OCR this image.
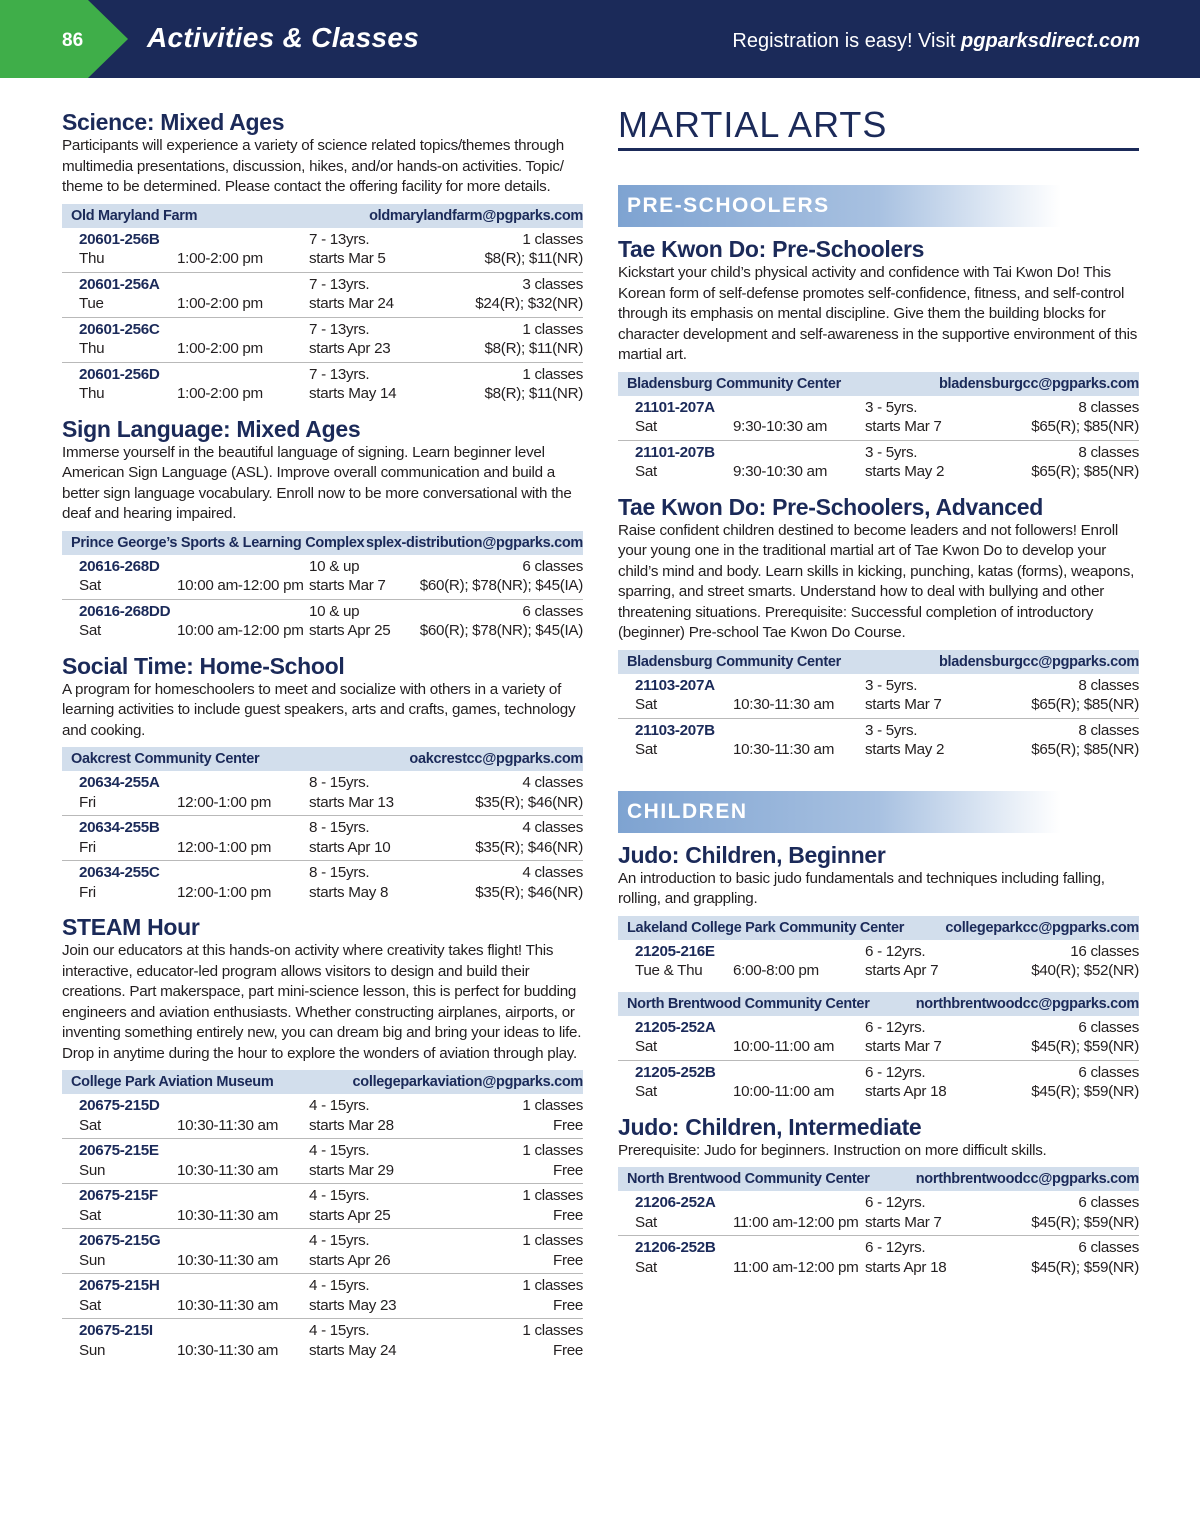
86 Activities & Classes	Registration is easy! Visit pgparksdirect.com
Science: Mixed Ages

Participants will experience a variety of science related topics/themes through multimedia presentations, discussion, hikes, and/or hands-on activities. Topic/ theme to be determined. Please contact the offering facility for more details.

Old Maryland Farm	oldmarylandfarm@pgparks.com
20601-256B	7 - 13yrs.	1 classes
Thu	1:00-2:00 pm	starts Mar 5	$8(R); $11(NR)
20601-256A	7 - 13yrs.	3 classes
Tue	1:00-2:00 pm	starts Mar 24	$24(R); $32(NR)
20601-256C	7 - 13yrs.	1 classes
Thu	1:00-2:00 pm	starts Apr 23	$8(R); $11(NR)
20601-256D	7 - 13yrs.	1 classes
Thu	1:00-2:00 pm	starts May 14	$8(R); $11(NR)
Sign Language: Mixed Ages

Immerse yourself in the beautiful language of signing. Learn beginner level American Sign Language (ASL). Improve overall communication and build a better sign language vocabulary. Enroll now to be more conversational with the deaf and hearing impaired.

Prince George’s Sports & Learning Complex splex-distribution@pgparks.com
20616-268D	10 & up	6 classes
Sat	10:00 am-12:00 pm starts Mar 7	$60(R); $78(NR); $45(IA)
20616-268DD	10 & up	6 classes
Sat	10:00 am-12:00 pm starts Apr 25	$60(R); $78(NR); $45(IA)
Social Time: Home-School

A program for homeschoolers to meet and socialize with others in a variety of learning activities to include guest speakers, arts and crafts, games, technology and cooking.

Oakcrest Community Center	oakcrestcc@pgparks.com
20634-255A	8 - 15yrs.	4 classes
Fri	12:00-1:00 pm	starts Mar 13	$35(R); $46(NR)
20634-255B	8 - 15yrs.	4 classes
Fri	12:00-1:00 pm	starts Apr 10	$35(R); $46(NR)
20634-255C	8 - 15yrs.	4 classes
Fri	12:00-1:00 pm	starts May 8	$35(R); $46(NR)
STEAM Hour

Join our educators at this hands-on activity where creativity takes flight! This interactive, educator-led program allows visitors to design and build their creations. Part makerspace, part mini-science lesson, this is perfect for budding engineers and aviation enthusiasts. Whether constructing airplanes, airports, or inventing something entirely new, you can dream big and bring your ideas to life. Drop in anytime during the hour to explore the wonders of aviation through play.

College Park Aviation Museum	collegeparkaviation@pgparks.com
20675-215D	4 - 15yrs.	1 classes
Sat	10:30-11:30 am	starts Mar 28	Free
20675-215E	4 - 15yrs.	1 classes
Sun	10:30-11:30 am	starts Mar 29	Free
20675-215F	4 - 15yrs.	1 classes
Sat	10:30-11:30 am	starts Apr 25	Free
20675-215G	4 - 15yrs.	1 classes
Sun	10:30-11:30 am	starts Apr 26	Free
20675-215H	4 - 15yrs.	1 classes
Sat	10:30-11:30 am	starts May 23	Free
20675-215I	4 - 15yrs.	1 classes
Sun	10:30-11:30 am	starts May 24	Free
MARTIAL ARTS
PRE-SCHOOLERS
Tae Kwon Do: Pre-Schoolers

Kickstart your child’s physical activity and confidence with Tai Kwon Do! This Korean form of self-defense promotes self-confidence, fitness, and self-control through its emphasis on mental discipline. Give them the building blocks for character development and self-awareness in the supportive environment of this martial art.

Bladensburg Community Center	bladensburgcc@pgparks.com
21101-207A	3 - 5yrs.	8 classes
Sat	9:30-10:30 am	starts Mar 7	$65(R); $85(NR)
21101-207B	3 - 5yrs.	8 classes
Sat	9:30-10:30 am	starts May 2	$65(R); $85(NR)
Tae Kwon Do: Pre-Schoolers, Advanced

Raise confident children destined to become leaders and not followers! Enroll your young one in the traditional martial art of Tae Kwon Do to develop your child’s mind and body. Learn skills in kicking, punching, katas (forms), weapons, sparring, and street smarts. Understand how to deal with bullying and other threatening situations. Prerequisite: Successful completion of introductory (beginner) Pre-school Tae Kwon Do Course.

Bladensburg Community Center	bladensburgcc@pgparks.com
21103-207A	3 - 5yrs.	8 classes
Sat	10:30-11:30 am	starts Mar 7	$65(R); $85(NR)
21103-207B	3 - 5yrs.	8 classes
Sat	10:30-11:30 am	starts May 2	$65(R); $85(NR)
CHILDREN
Judo: Children, Beginner

An introduction to basic judo fundamentals and techniques including falling, rolling, and grappling.

Lakeland College Park Community Center	collegeparkcc@pgparks.com
21205-216E	6 - 12yrs.	16 classes
Tue & Thu	6:00-8:00 pm	starts Apr 7	$40(R); $52(NR)
North Brentwood Community Center	northbrentwoodcc@pgparks.com
21205-252A	6 - 12yrs.	6 classes
Sat	10:00-11:00 am	starts Mar 7	$45(R); $59(NR)
21205-252B	6 - 12yrs.	6 classes
Sat	10:00-11:00 am	starts Apr 18	$45(R); $59(NR)
Judo: Children, Intermediate

Prerequisite: Judo for beginners. Instruction on more difficult skills.

North Brentwood Community Center	northbrentwoodcc@pgparks.com
21206-252A	6 - 12yrs.	6 classes
Sat	11:00 am-12:00 pm starts Mar 7	$45(R); $59(NR)
21206-252B	6 - 12yrs.	6 classes
Sat	11:00 am-12:00 pm starts Apr 18	$45(R); $59(NR)
